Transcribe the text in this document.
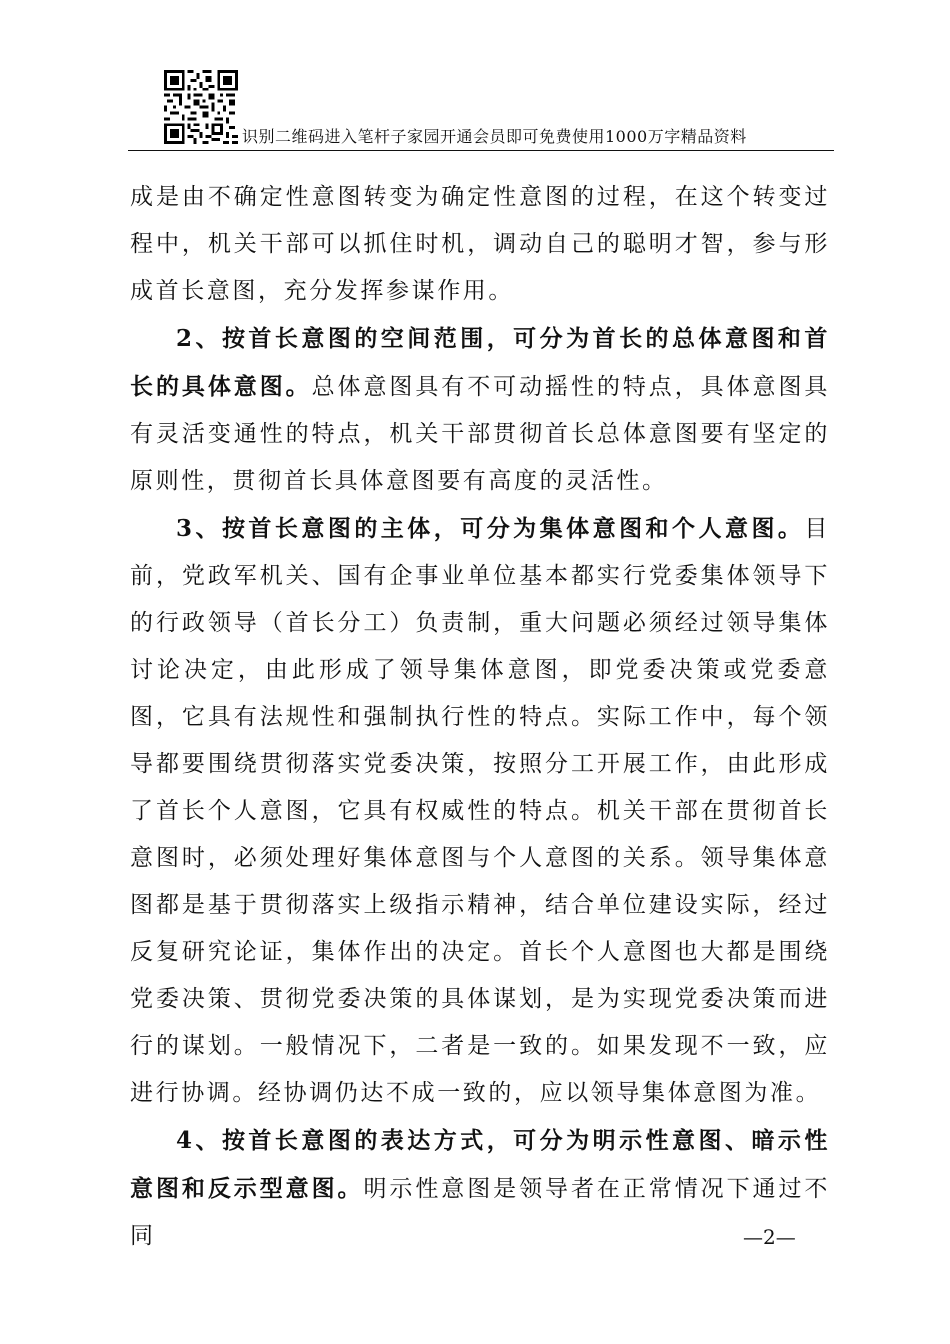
识别二维码进入笔杆子家园开通会员即可免费使用1000万字精品资料

成是由不确定性意图转变为确定性意图的过程，在这个转变过程中，机关干部可以抓住时机，调动自己的聪明才智，参与形成首长意图，充分发挥参谋作用。

2、按首长意图的空间范围，可分为首长的总体意图和首长的具体意图。总体意图具有不可动摇性的特点，具体意图具有灵活变通性的特点，机关干部贯彻首长总体意图要有坚定的原则性，贯彻首长具体意图要有高度的灵活性。

3、按首长意图的主体，可分为集体意图和个人意图。目前，党政军机关、国有企事业单位基本都实行党委集体领导下的行政领导（首长分工）负责制，重大问题必须经过领导集体讨论决定，由此形成了领导集体意图，即党委决策或党委意图，它具有法规性和强制执行性的特点。实际工作中，每个领导都要围绕贯彻落实党委决策，按照分工开展工作，由此形成了首长个人意图，它具有权威性的特点。机关干部在贯彻首长意图时，必须处理好集体意图与个人意图的关系。领导集体意图都是基于贯彻落实上级指示精神，结合单位建设实际，经过反复研究论证，集体作出的决定。首长个人意图也大都是围绕党委决策、贯彻党委决策的具体谋划，是为实现党委决策而进行的谋划。一般情况下，二者是一致的。如果发现不一致，应进行协调。经协调仍达不成一致的，应以领导集体意图为准。

4、按首长意图的表达方式，可分为明示性意图、暗示性意图和反示型意图。明示性意图是领导者在正常情况下通过不同	—2—
